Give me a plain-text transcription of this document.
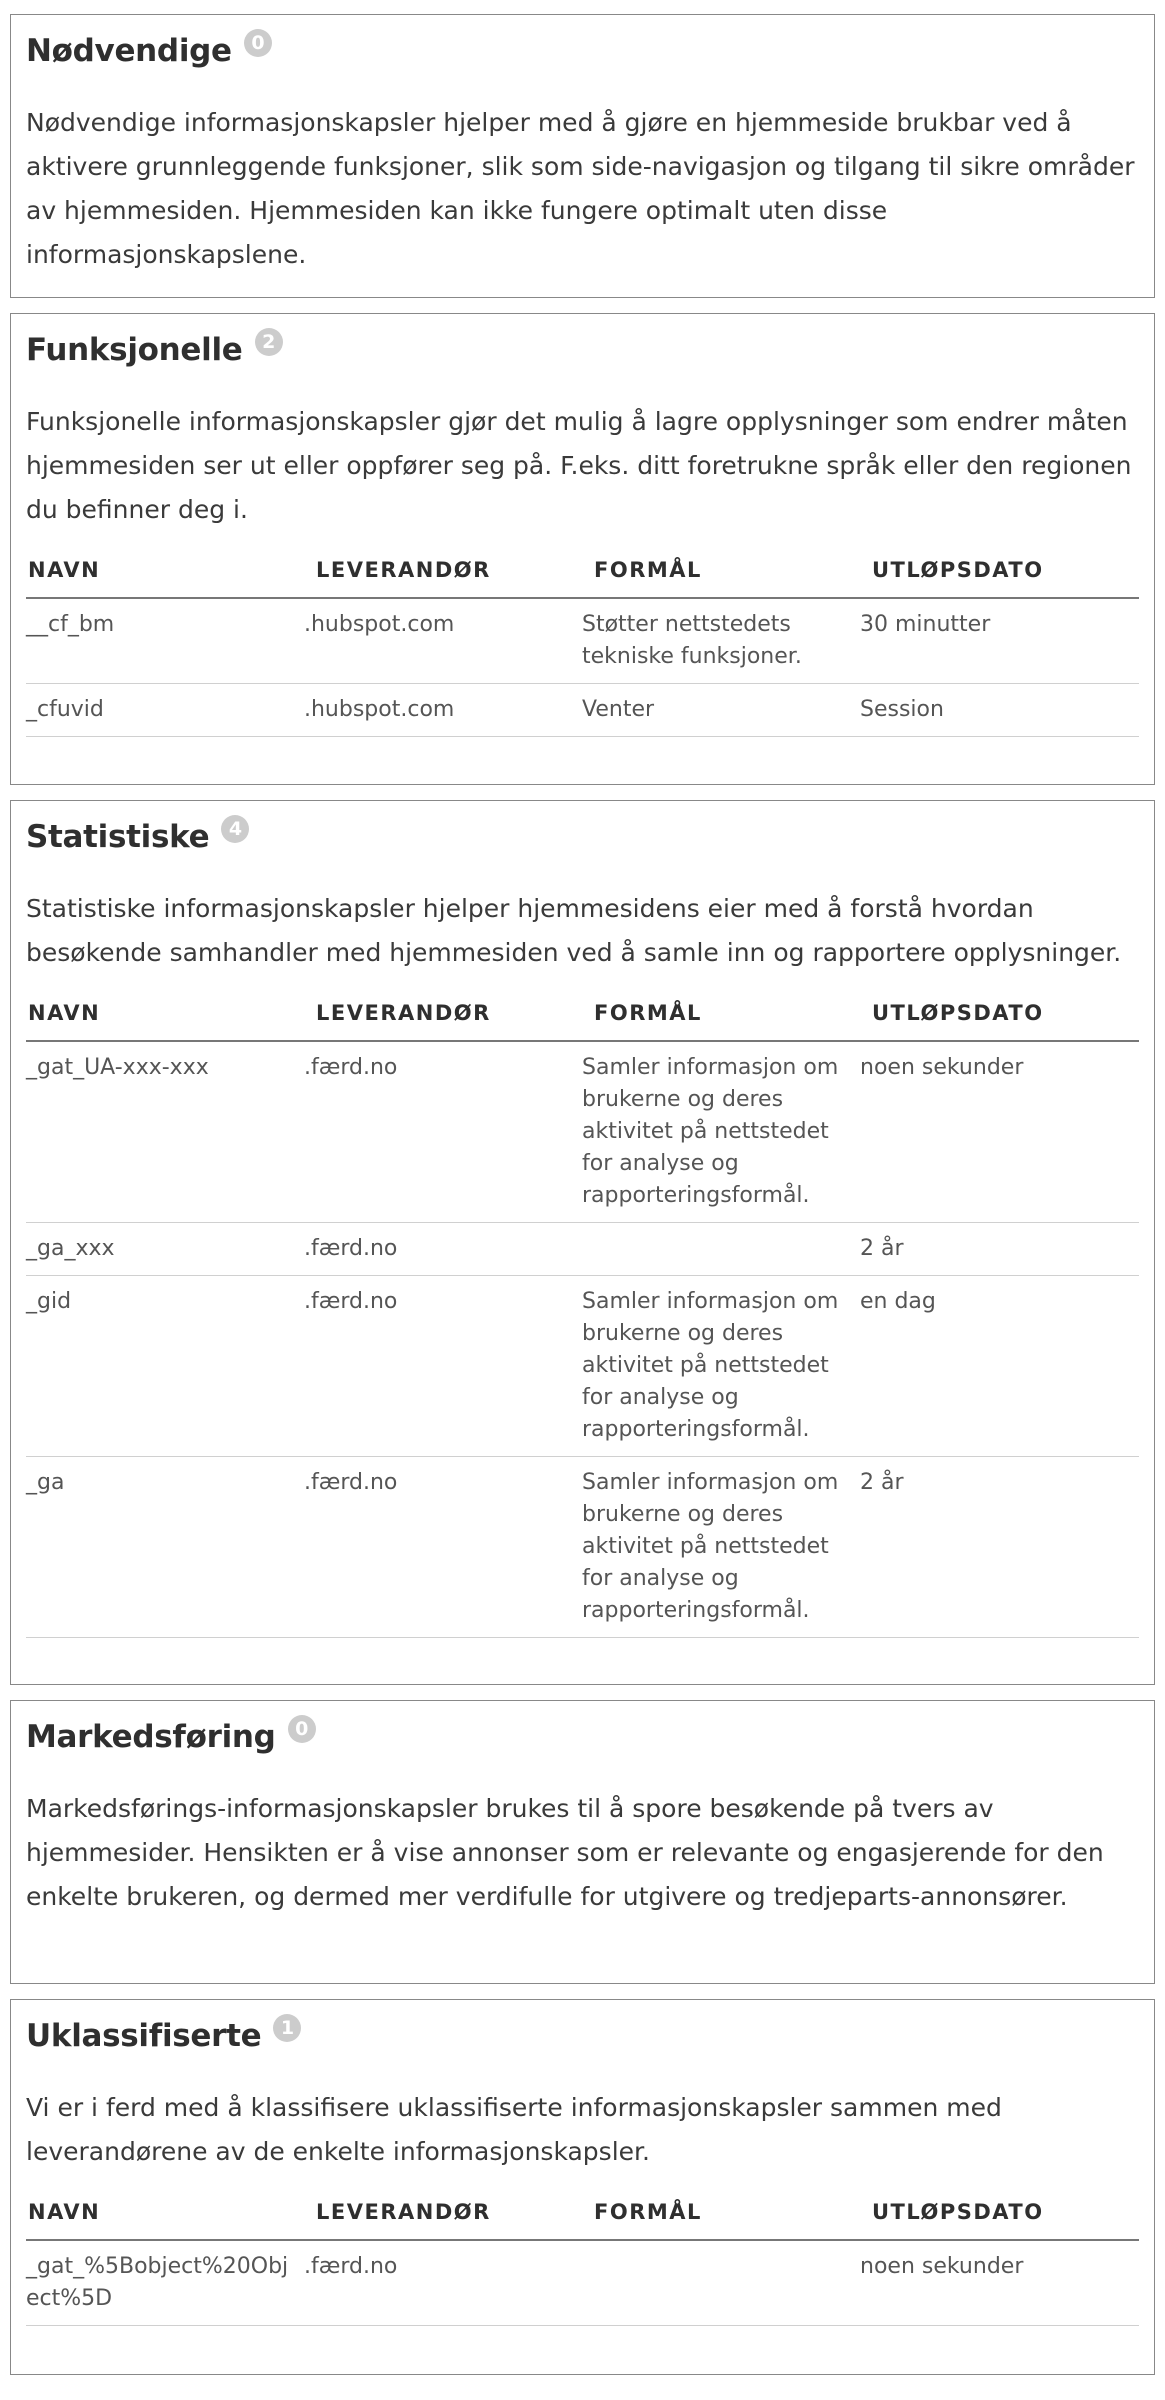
Nødvendige	0

Nødvendige informasjonskapsler hjelper med å gjøre en hjemmeside brukbar ved å aktivere grunnleggende funksjoner, slik som side-navigasjon og tilgang til sikre områder av hjemmesiden. Hjemmesiden kan ikke fungere optimalt uten disse informasjonskapslene.

Funksjonelle	2

Funksjonelle informasjonskapsler gjør det mulig å lagre opplysninger som endrer måten hjemmesiden ser ut eller oppfører seg på. F.eks. ditt foretrukne språk eller den regionen du befinner deg i.

NAVN	LEVERANDØR	FORMÅL	UTLØPSDATO
__cf_bm	.hubspot.com	Støtter nettstedets tekniske funksjoner.	30 minutter
_cfuvid	.hubspot.com	Venter	Session
Statistiske	4

Statistiske informasjonskapsler hjelper hjemmesidens eier med å forstå hvordan besøkende samhandler med hjemmesiden ved å samle inn og rapportere opplysninger.

NAVN	LEVERANDØR	FORMÅL	UTLØPSDATO
_gat_UA-xxx-xxx	.færd.no	Samler informasjon om brukerne og deres aktivitet på nettstedet for analyse og rapporteringsformål.	noen sekunder
_ga_xxx	.færd.no		2 år
_gid	.færd.no	Samler informasjon om brukerne og deres aktivitet på nettstedet for analyse og rapporteringsformål.	en dag
_ga	.færd.no	Samler informasjon om brukerne og deres aktivitet på nettstedet for analyse og rapporteringsformål.	2 år
Markedsføring	0

Markedsførings-informasjonskapsler brukes til å spore besøkende på tvers av hjemmesider. Hensikten er å vise annonser som er relevante og engasjerende for den enkelte brukeren, og dermed mer verdifulle for utgivere og tredjeparts-annonsører.

Uklassifiserte	1

Vi er i ferd med å klassifisere uklassifiserte informasjonskapsler sammen med leverandørene av de enkelte informasjonskapsler.

NAVN	LEVERANDØR	FORMÅL	UTLØPSDATO
_gat_%5Bobject%20Object%5D	.færd.no		noen sekunder
